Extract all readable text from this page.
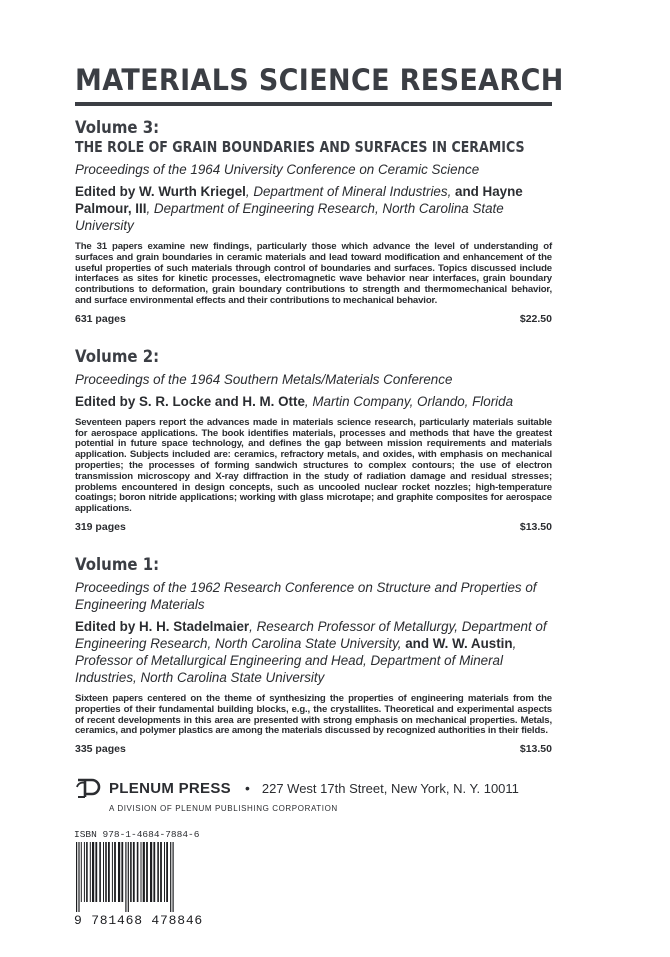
MATERIALS SCIENCE RESEARCH
Volume 3:
THE ROLE OF GRAIN BOUNDARIES AND SURFACES IN CERAMICS
Proceedings of the 1964 University Conference on Ceramic Science
Edited by W. Wurth Kriegel, Department of Mineral Industries, and Hayne Palmour, III, Department of Engineering Research, North Carolina State University
The 31 papers examine new findings, particularly those which advance the level of understanding of surfaces and grain boundaries in ceramic materials and lead toward modification and enhancement of the useful properties of such materials through control of boundaries and surfaces. Topics discussed include interfaces as sites for kinetic processes, electromagnetic wave behavior near interfaces, grain boundary contributions to deformation, grain boundary contributions to strength and thermomechanical behavior, and surface environmental effects and their contributions to mechanical behavior.
631 pages	$22.50
Volume 2:
Proceedings of the 1964 Southern Metals/Materials Conference
Edited by S. R. Locke and H. M. Otte, Martin Company, Orlando, Florida
Seventeen papers report the advances made in materials science research, particularly materials suitable for aerospace applications. The book identifies materials, processes and methods that have the greatest potential in future space technology, and defines the gap between mission requirements and materials application. Subjects included are: ceramics, refractory metals, and oxides, with emphasis on mechanical properties; the processes of forming sandwich structures to complex contours; the use of electron transmission microscopy and X-ray diffraction in the study of radiation damage and residual stresses; problems encountered in design concepts, such as uncooled nuclear rocket nozzles; high-temperature coatings; boron nitride applications; working with glass microtape; and graphite composites for aerospace applications.
319 pages	$13.50
Volume 1:
Proceedings of the 1962 Research Conference on Structure and Properties of Engineering Materials
Edited by H. H. Stadelmaier, Research Professor of Metallurgy, Department of Engineering Research, North Carolina State University, and W. W. Austin, Professor of Metallurgical Engineering and Head, Department of Mineral Industries, North Carolina State University
Sixteen papers centered on the theme of synthesizing the properties of engineering materials from the properties of their fundamental building blocks, e.g., the crystallites. Theoretical and experimental aspects of recent developments in this area are presented with strong emphasis on mechanical properties. Metals, ceramics, and polymer plastics are among the materials discussed by recognized authorities in their fields.
335 pages	$13.50
PLENUM PRESS • 227 West 17th Street, New York, N. Y. 10011
A DIVISION OF PLENUM PUBLISHING CORPORATION
ISBN 978-1-4684-7884-6
9 781468 478846
